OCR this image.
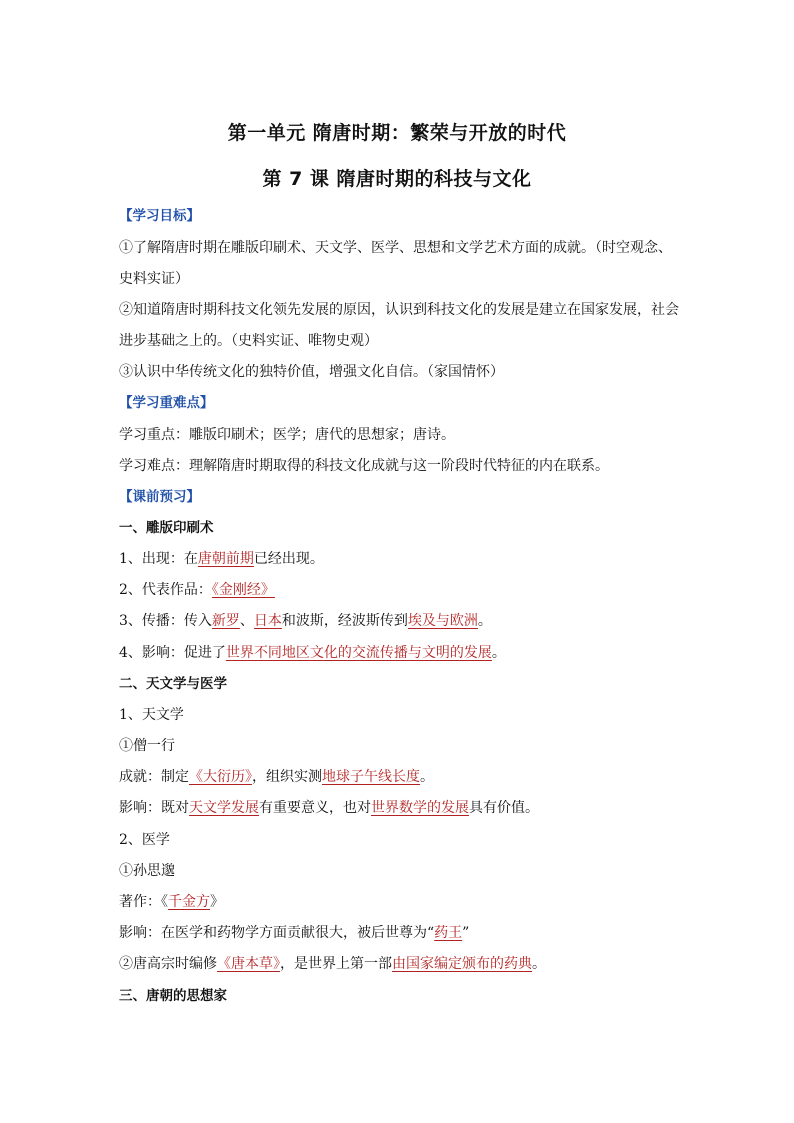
第一单元 隋唐时期：繁荣与开放的时代
第 7 课 隋唐时期的科技与文化
【学习目标】
①了解隋唐时期在雕版印刷术、天文学、医学、思想和文学艺术方面的成就。（时空观念、
史料实证）
②知道隋唐时期科技文化领先发展的原因，认识到科技文化的发展是建立在国家发展，社会
进步基础之上的。（史料实证、唯物史观）
③认识中华传统文化的独特价值，增强文化自信。（家国情怀）
【学习重难点】
学习重点：雕版印刷术；医学；唐代的思想家；唐诗。
学习难点：理解隋唐时期取得的科技文化成就与这一阶段时代特征的内在联系。
【课前预习】
一、雕版印刷术
1、出现：在唐朝前期已经出现。
2、代表作品：《金刚经》
3、传播：传入新罗、日本和波斯，经波斯传到埃及与欧洲。
4、影响：促进了世界不同地区文化的交流传播与文明的发展。
二、天文学与医学
1、天文学
①僧一行
成就：制定《大衍历》，组织实测地球子午线长度。
影响：既对天文学发展有重要意义，也对世界数学的发展具有价值。
2、医学
①孙思邈
著作：《千金方》
影响：在医学和药物学方面贡献很大，被后世尊为“药王”
②唐高宗时编修《唐本草》，是世界上第一部由国家编定颁布的药典。
三、唐朝的思想家
